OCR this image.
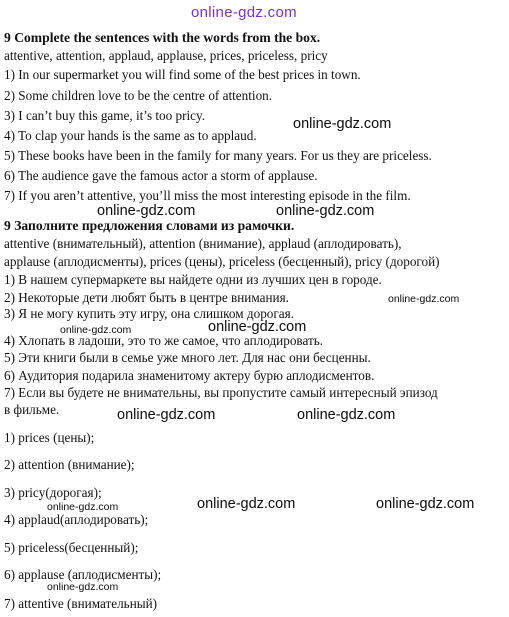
online-gdz.com
9 Complete the sentences with the words from the box.
attentive, attention, applaud, applause, prices, priceless, pricy
1) In our supermarket you will find some of the best prices in town.
2) Some children love to be the centre of attention.
3) I can’t buy this game, it’s too pricy.
4) To clap your hands is the same as to applaud.
5) These books have been in the family for many years. For us they are priceless.
6) The audience gave the famous actor a storm of applause.
7) If you aren’t attentive, you’ll miss the most interesting episode in the film.
9 Заполните предложения словами из рамочки.
attentive (внимательный), attention (внимание), applaud (аплодировать),
applause (аплодисменты), prices (цены), priceless (бесценный), pricy (дорогой)
1) В нашем супермаркете вы найдете одни из лучших цен в городе.
2) Некоторые дети любят быть в центре внимания.
3) Я не могу купить эту игру, она слишком дорогая.
4) Хлопать в ладоши, это то же самое, что аплодировать.
5) Эти книги были в семье уже много лет. Для нас они бесценны.
6) Аудитория подарила знаменитому актеру бурю аплодисментов.
7) Если вы будете не внимательны, вы пропустите самый интересный эпизод
в фильме.
1) prices (цены);
2) attention (внимание);
3) pricy(дорогая);
4) applaud(аплодировать);
5) priceless(бесценный);
6) applause (аплодисменты);
7) attentive (внимательный)
online-gdz.com
online-gdz.com	online-gdz.com
online-gdz.com
online-gdz.com	online-gdz.com
online-gdz.com	online-gdz.com
online-gdz.com	online-gdz.com
online-gdz.com
online-gdz.com
